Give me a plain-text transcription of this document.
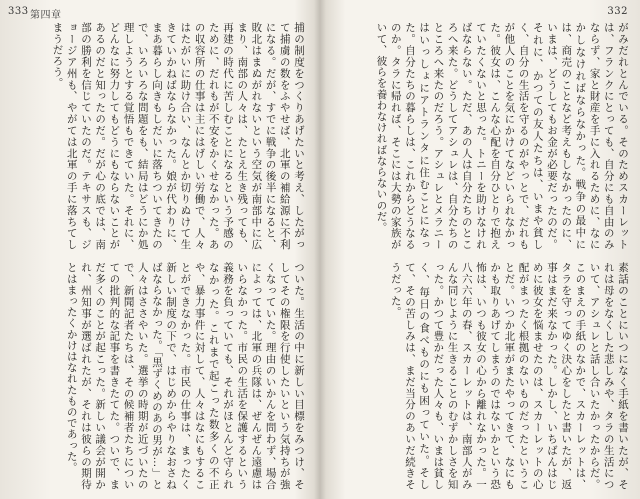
333 第四章
捕の制度をつくりあげたいと考え、したがって捕虜の数をふやせば、北軍の補給源に不利になる。だが、すでに戦争の後半になると、敗北はまぬがれないという空気が南部中に広まり、南部の人々は、たとえ生き残っても、再建の時代に苦しむことになるという予感のために、だれもが不安をかくせなかった。あの収容所の仕事は主にはげしい労働で、人々はたがいに助け合い、なんとか切りぬけて生きていかねばならなかった。娘が代わりに、まあ暮らし向きもしだいに落ちついてきたので、いろいろな問題をも、結局はどうにか処理しようとする覚悟もできていた。それに、どんなに努力してもどうにもならないことがあるのだと知ったのだ。だが心の底では、南部の勝利を信じていたのだ。テキサスも、ジョージア州も、やがては北軍の手に落ちてしまうだろう。
ついた。生活の中に新しい目標をみつけ、そしてその権限を行使したいという気持ちが強くなっていた。理由のいかんを問わず、場合によっては、北軍の兵隊は、ぜんぜん遠慮はいらなかった。市民の生活を保護するという義務を負っていても、それがほとんど守られなかった。これまで起こった数多くの不正や、暴力事件に対して、人々はなにもすることができなかった。市民の仕事は、まったく新しい制度の下で、はじめからやりなおさねばならなかった。「黒ずくめのあの男が…」と人々はささやいた。選挙の時期が近づいたので、新聞記者たちは、その候補者たちについての批判的な記事を書きたてた。ついで、まだ多くのことが起こった。新しい議会が開かれ、州知事が選ばれたが、それは彼らの期待とはまったくかけはなれたものであった。
332
がみだれとんでいる。そのためスカーレットは、フランクにとっても、自分にも自由のみならず、家と財産を手に入れるために、なにかしなければならなかった。戦争の最中には、商売のことなど考えもしなかったのに、いまは、どうしてもお金が必要だったのだ。それに、かつての友人たちは、いまや貧しく、自分の生活を守るのがやっとで、だれもが他人のことを気にかけてなどいられなかった。彼女は、こんな心配を自分ひとりで抱えていたくないと思った。トニーを助けなければならない。ただ、あの人は自分たちのところへ来た。どうしてアシュレは、自分たちのところへ来たのだろう。アシュレとメラニーはいっしょにアトランタに住むことになった。自分たちの暮らしは、これからどうなるのか。タラに帰れば、そこには大勢の家族がいて、彼らを養わなければならないのだ。
素話のことにいつになく手紙を書いたが、それは母をなくした悲しみや、タラの生活について、アシュレと話し合いたかったからだ。このまえの手紙のなかで、スカーレットは、タラを守ってゆく決心をしたと書いたが、返事はまだ来なかった。しかし、いちばんはじめに彼女を悩ませたのは、スカーレットの心配がまったく根拠のないものだったということだ。いつか北軍がまたやってきて、なにもかも取りあげてしまうのではないかという恐怖は、いつも彼女の心から離れなかった。一八六六年の春、スカーレットは、南部人がみんな同じように生きることのむずかしさを知った。かつて豊かだった人々も、いまは貧しく、毎日の食べものにも困っていた。そして、その苦しみは、まだ当分のあいだ続きそうだった。
